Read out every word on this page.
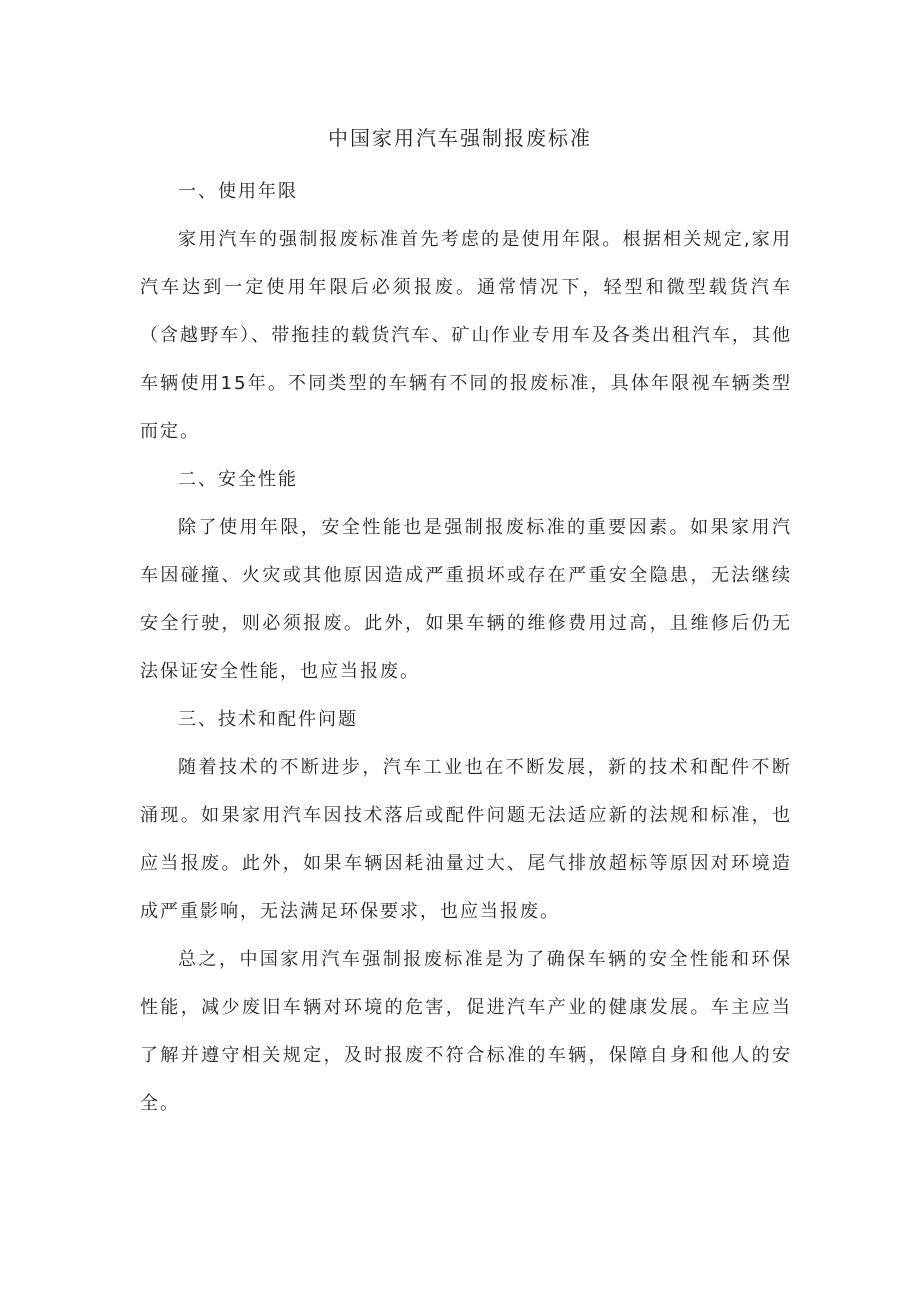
中国家用汽车强制报废标准

一、使用年限

家用汽车的强制报废标准首先考虑的是使用年限。根据相关规定,家用汽车达到一定使用年限后必须报废。通常情况下，轻型和微型载货汽车（含越野车）、带拖挂的载货汽车、矿山作业专用车及各类出租汽车，其他车辆使用15年。不同类型的车辆有不同的报废标准，具体年限视车辆类型而定。

二、安全性能

除了使用年限，安全性能也是强制报废标准的重要因素。如果家用汽车因碰撞、火灾或其他原因造成严重损坏或存在严重安全隐患，无法继续安全行驶，则必须报废。此外，如果车辆的维修费用过高，且维修后仍无法保证安全性能，也应当报废。

三、技术和配件问题

随着技术的不断进步，汽车工业也在不断发展，新的技术和配件不断涌现。如果家用汽车因技术落后或配件问题无法适应新的法规和标准，也应当报废。此外，如果车辆因耗油量过大、尾气排放超标等原因对环境造成严重影响，无法满足环保要求，也应当报废。

总之，中国家用汽车强制报废标准是为了确保车辆的安全性能和环保性能，减少废旧车辆对环境的危害，促进汽车产业的健康发展。车主应当了解并遵守相关规定，及时报废不符合标准的车辆，保障自身和他人的安全。
